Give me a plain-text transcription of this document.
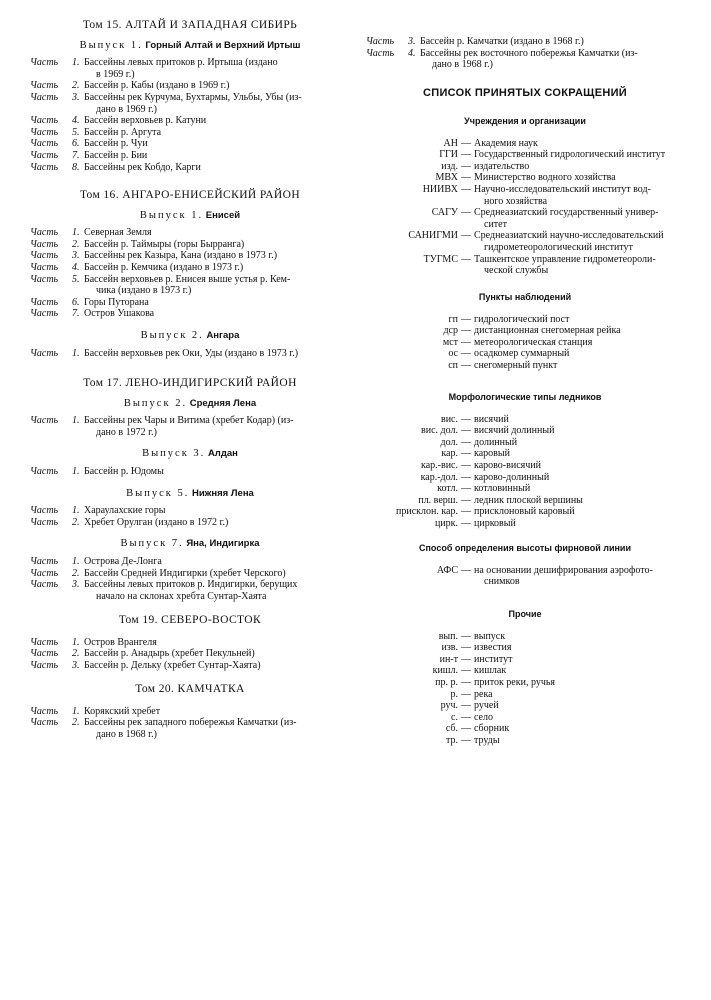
Том 15. АЛТАЙ И ЗАПАДНАЯ СИБИРЬ
Выпуск 1. Горный Алтай и Верхний Иртыш
Часть	1. Бассейны левых притоков р. Иртыша (издано
в 1969 г.)
Часть	2. Бассейн р. Кабы (издано в 1969 г.)
Часть	3. Бассейны рек Курчума, Бухтармы, Ульбы, Убы (из-
дано в 1969 г.)
Часть	4. Бассейн верховьев р. Катуни
Часть	5. Бассейн р. Аргута
Часть	6. Бассейн р. Чуи
Часть	7. Бассейн р. Бии
Часть	8. Бассейны рек Кобдо, Карги
Том 16. АНГАРО-ЕНИСЕЙСКИЙ РАЙОН
Выпуск 1. Енисей
Часть	1. Северная Земля
Часть	2. Бассейн р. Таймыры (горы Бырранга)
Часть	3. Бассейны рек Казыра, Кана (издано в 1973 г.)
Часть	4. Бассейн р. Кемчика (издано в 1973 г.)
Часть	5. Бассейн верховьев р. Енисея выше устья р. Кем-
чика (издано в 1973 г.)
Часть	6. Горы Путорана
Часть	7. Остров Ушакова
Выпуск 2. Ангара
Часть	1. Бассейн верховьев рек Оки, Уды (издано в 1973 г.)
Том 17. ЛЕНО-ИНДИГИРСКИЙ РАЙОН
Выпуск 2. Средняя Лена
Часть	1. Бассейны рек Чары и Витима (хребет Кодар) (из-
дано в 1972 г.)
Выпуск 3. Алдан
Часть	1. Бассейн р. Юдомы
Выпуск 5. Нижняя Лена
Часть	1. Хараулахские горы
Часть	2. Хребет Орулган (издано в 1972 г.)
Выпуск 7. Яна, Индигирка
Часть	1. Острова Де-Лонга
Часть	2. Бассейн Средней Индигирки (хребет Черского)
Часть	3. Бассейны левых притоков р. Индигирки, берущих
начало на склонах хребта Сунтар-Хаята
Том 19. СЕВЕРО-ВОСТОК
Часть	1. Остров Врангеля
Часть	2. Бассейн р. Анадырь (хребет Пекульней)
Часть	3. Бассейн р. Дельку (хребет Сунтар-Хаята)
Том 20. КАМЧАТКА
Часть	1. Корякский хребет
Часть	2. Бассейны рек западного побережья Камчатки (из-
дано в 1968 г.)
Часть	3. Бассейн р. Камчатки (издано в 1968 г.)
Часть	4. Бассейны рек восточного побережья Камчатки (из-
дано в 1968 г.)
СПИСОК ПРИНЯТЫХ СОКРАЩЕНИЙ
Учреждения и организации
АН — Академия наук
ГГИ — Государственный гидрологический институт
изд. — издательство
МВХ — Министерство водного хозяйства
НИИВХ — Научно-исследовательский институт вод-
ного хозяйства
САГУ — Среднеазиатский государственный универ-
ситет
САНИГМИ — Среднеазиатский научно-исследовательский
гидрометеорологический институт
ТУГМС — Ташкентское управление гидрометеороли-
ческой службы
Пункты наблюдений
гп — гидрологический пост
дср — дистанционная снегомерная рейка
мст — метеорологическая станция
ос — осадкомер суммарный
сп — снегомерный пункт
Морфологические типы ледников
вис. — висячий
вис. дол. — висячий долинный
дол. — долинный
кар. — каровый
кар.-вис. — карово-висячий
кар.-дол. — карово-долинный
котл. — котловинный
пл. верш. — ледник плоской вершины
присклон. кар. — присклоновый каровый
цирк. — цирковый
Способ определения высоты фирновой линии
АФС — на основании дешифрирования аэрофото-
снимков
Прочие
вып. — выпуск
изв. — известия
ин-т — институт
кишл. — кишлак
пр. р. — приток реки, ручья
р. — река
руч. — ручей
с. — село
сб. — сборник
тр. — труды
